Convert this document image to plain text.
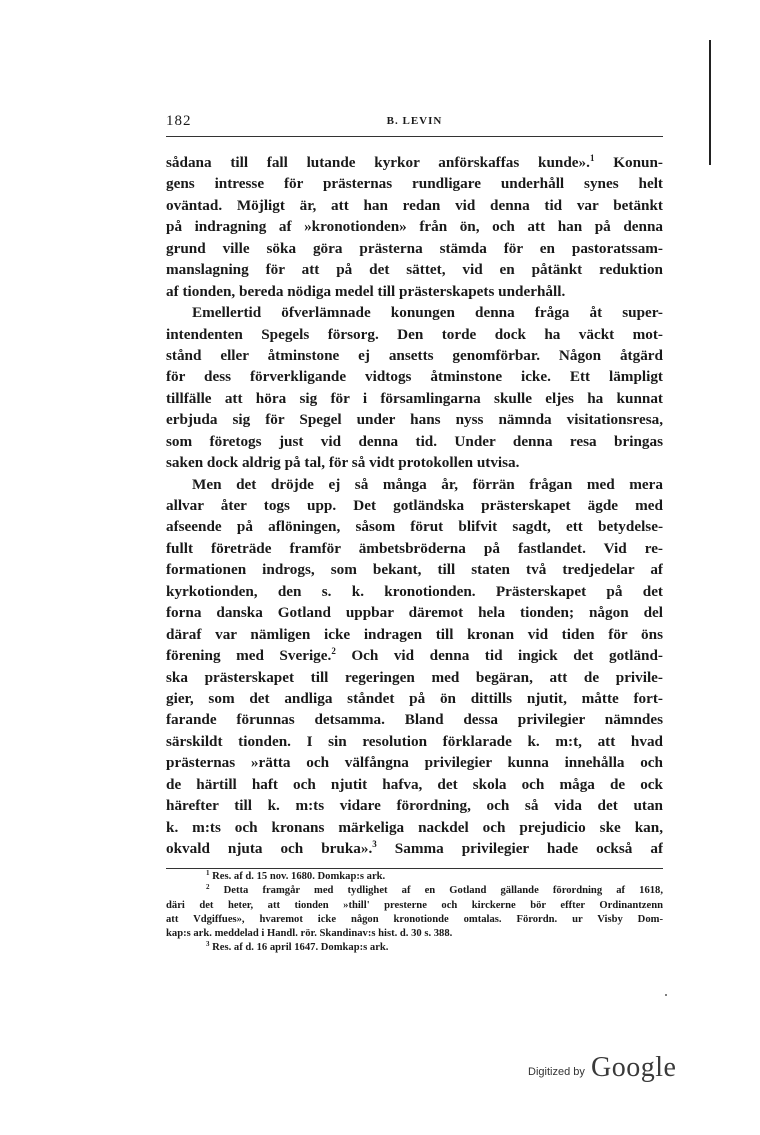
182	B. LEVIN
sådana till fall lutande kyrkor anförskaffas kunde».$^1$ Konun-
gens intresse för prästernas rundligare underhåll synes helt
oväntad. Möjligt är, att han redan vid denna tid var betänkt
på indragning af »kronotionden» från ön, och att han på denna
grund ville söka göra prästerna stämda för en pastoratssam-
manslagning för att på det sättet, vid en påtänkt reduktion
af tionden, bereda nödiga medel till prästerskapets underhåll.
Emellertid öfverlämnade konungen denna fråga åt super-
intendenten Spegels försorg. Den torde dock ha väckt mot-
stånd eller åtminstone ej ansetts genomförbar. Någon åtgärd
för dess förverkligande vidtogs åtminstone icke. Ett lämpligt
tillfälle att höra sig för i församlingarna skulle eljes ha kunnat
erbjuda sig för Spegel under hans nyss nämnda visitationsresa,
som företogs just vid denna tid. Under denna resa bringas
saken dock aldrig på tal, för så vidt protokollen utvisa.
Men det dröjde ej så många år, förrän frågan med mera
allvar åter togs upp. Det gotländska prästerskapet ägde med
afseende på aflöningen, såsom förut blifvit sagdt, ett betydelse-
fullt företräde framför ämbetsbröderna på fastlandet. Vid re-
formationen indrogs, som bekant, till staten två tredjedelar af
kyrkotionden, den s. k. kronotionden. Prästerskapet på det
forna danska Gotland uppbar däremot hela tionden; någon del
däraf var nämligen icke indragen till kronan vid tiden för öns
förening med Sverige.$^2$ Och vid denna tid ingick det gotländ-
ska prästerskapet till regeringen med begäran, att de privile-
gier, som det andliga ståndet på ön dittills njutit, måtte fort-
farande förunnas detsamma. Bland dessa privilegier nämndes
särskildt tionden. I sin resolution förklarade k. m:t, att hvad
prästernas »rätta och välfångna privilegier kunna innehålla och
de härtill haft och njutit hafva, det skola och måga de ock
härefter till k. m:ts vidare förordning, och så vida det utan
k. m:ts och kronans märkeliga nackdel och prejudicio ske kan,
okvald njuta och bruka».$^3$ Samma privilegier hade också af
$^1$ Res. af d. 15 nov. 1680. Domkap:s ark.
$^2$ Detta framgår med tydlighet af en Gotland gällande förordning af 1618,
däri det heter, att tionden »thill' presterne och kirckerne bör effter Ordinantzenn
att Vdgiffues», hvaremot icke någon kronotionde omtalas. Förordn. ur Visby Dom-
kap:s ark. meddelad i Handl. rör. Skandinav:s hist. d. 30 s. 388.
$^3$ Res. af d. 16 april 1647. Domkap:s ark.
Digitized by Google
